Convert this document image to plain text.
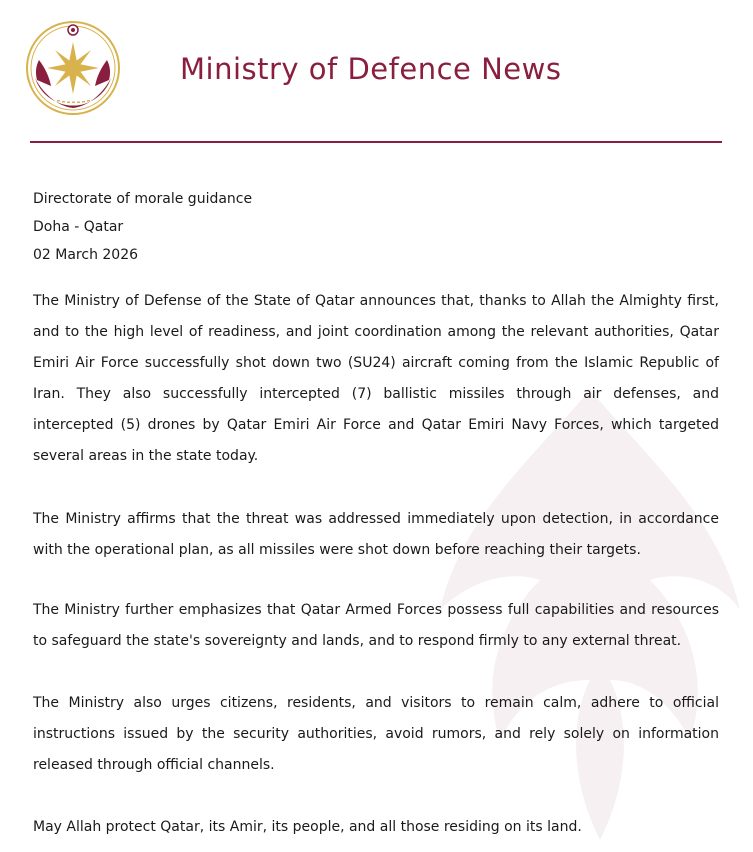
Ministry of Defence News
Directorate of morale guidance
Doha - Qatar
02 March 2026
The Ministry of Defense of the State of Qatar announces that, thanks to Allah the Almighty first, and to the high level of readiness, and joint coordination among the relevant authorities, Qatar Emiri Air Force successfully shot down two (SU24) aircraft coming from the Islamic Republic of Iran. They also successfully intercepted (7) ballistic missiles through air defenses, and intercepted (5) drones by Qatar Emiri Air Force and Qatar Emiri Navy Forces, which targeted several areas in the state today.
The Ministry affirms that the threat was addressed immediately upon detection, in accordance with the operational plan, as all missiles were shot down before reaching their targets.
The Ministry further emphasizes that Qatar Armed Forces possess full capabilities and resources to safeguard the state's sovereignty and lands, and to respond firmly to any external threat.
The Ministry also urges citizens, residents, and visitors to remain calm, adhere to official instructions issued by the security authorities, avoid rumors, and rely solely on information released through official channels.
May Allah protect Qatar, its Amir, its people, and all those residing on its land.
